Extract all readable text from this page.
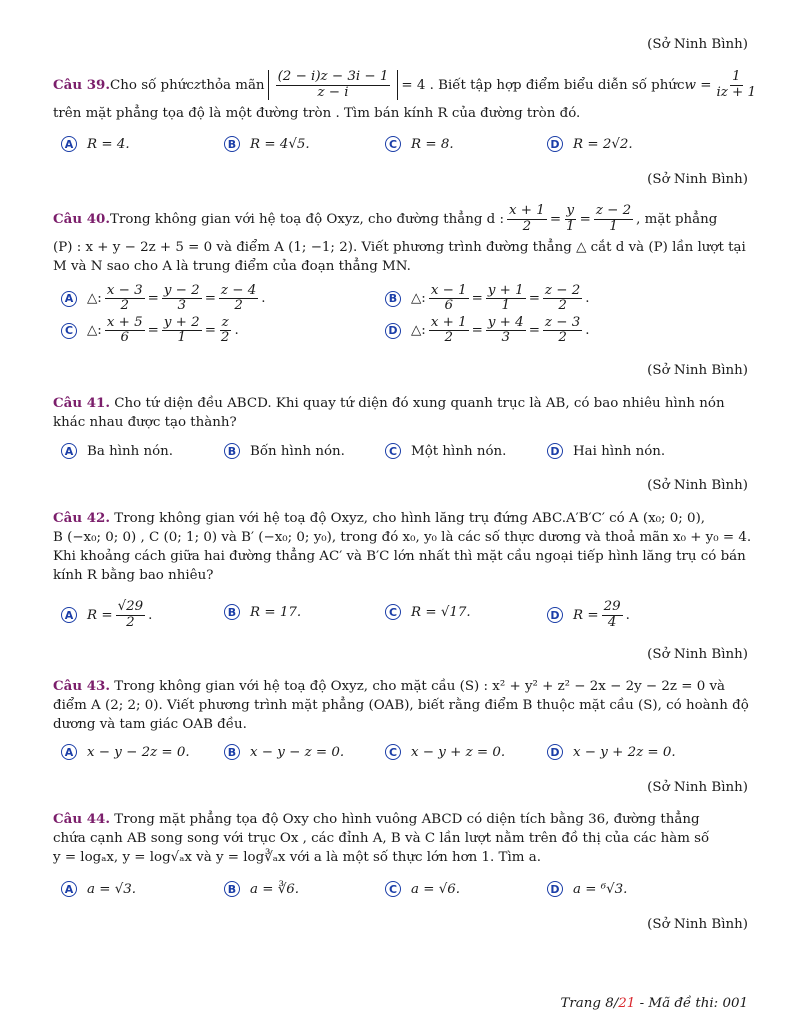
(Sở Ninh Bình)
Câu 39. Cho số phức z thỏa mãn $\frac{(2 - i)z - 3i - 1}{z - i} = 4$ . Biết tập hợp điểm biểu diễn số phức $w = \frac{1}{iz + 1}$
trên mặt phẳng tọa độ là một đường tròn . Tìm bán kính R của đường tròn đó.
A R = 4.	B R = 4√5.	C R = 8.	D R = 2√2.
(Sở Ninh Bình)
Câu 40. Trong không gian với hệ toạ độ Oxyz, cho đường thẳng d : $\frac{x + 1}{2} = \frac{y}{1} = \frac{z - 2}{1}$ , mặt phẳng
(P) : x + y − 2z + 5 = 0 và điểm A (1; −1; 2). Viết phương trình đường thẳng △ cắt d và (P) lần lượt tại
M và N sao cho A là trung điểm của đoạn thẳng MN.
A △: $\frac{x - 3}{2} = \frac{y - 2}{3} = \frac{z - 4}{2}$ .	B △: $\frac{x - 1}{6} = \frac{y + 1}{1} = \frac{z - 2}{2}$ .
C △: $\frac{x + 5}{6} = \frac{y + 2}{1} = \frac{z}{2}$ .	D △: $\frac{x + 1}{2} = \frac{y + 4}{3} = \frac{z - 3}{2}$ .
(Sở Ninh Bình)
Câu 41. Cho tứ diện đều ABCD. Khi quay tứ diện đó xung quanh trục là AB, có bao nhiêu hình nón
khác nhau được tạo thành?
A Ba hình nón.	B Bốn hình nón.	C Một hình nón.	D Hai hình nón.
(Sở Ninh Bình)
Câu 42. Trong không gian với hệ toạ độ Oxyz, cho hình lăng trụ đứng ABC.A′B′C′ có A (x₀; 0; 0),
B (−x₀; 0; 0) , C (0; 1; 0) và B′ (−x₀; 0; y₀), trong đó x₀, y₀ là các số thực dương và thoả mãn x₀ + y₀ = 4.
Khi khoảng cách giữa hai đường thẳng AC′ và B′C lớn nhất thì mặt cầu ngoại tiếp hình lăng trụ có bán
kính R bằng bao nhiêu?
A $R = \frac{√29}{2}$ .	B R = 17.	C R = √17.	D $R = \frac{29}{4}$ .
(Sở Ninh Bình)
Câu 43. Trong không gian với hệ toạ độ Oxyz, cho mặt cầu (S) : x² + y² + z² − 2x − 2y − 2z = 0 và
điểm A (2; 2; 0). Viết phương trình mặt phẳng (OAB), biết rằng điểm B thuộc mặt cầu (S), có hoành độ
dương và tam giác OAB đều.
A x − y − 2z = 0.	B x − y − z = 0.	C x − y + z = 0.	D x − y + 2z = 0.
(Sở Ninh Bình)
Câu 44. Trong mặt phẳng tọa độ Oxy cho hình vuông ABCD có diện tích bằng 36, đường thẳng
chứa cạnh AB song song với trục Ox , các đỉnh A, B và C lần lượt nằm trên đồ thị của các hàm số
y = logₐx, y = log√ₐx và y = log∛ₐx với a là một số thực lớn hơn 1. Tìm a.
A a = √3.	B a = ∛6.	C a = √6.	D a = ⁶√3.
(Sở Ninh Bình)
Trang 8/21 - Mã đề thi: 001
